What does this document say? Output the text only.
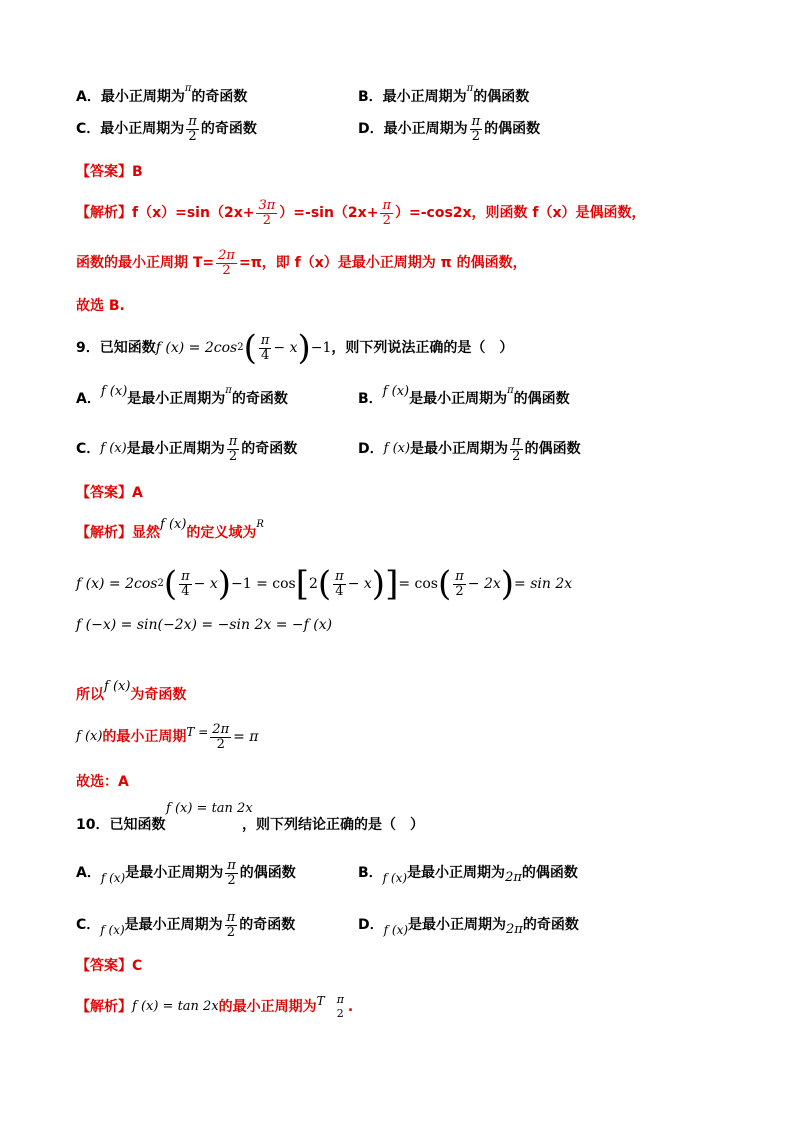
A．最小正周期为$^\pi$的奇函数	B．最小正周期为$^\pi$的偶函数
C． 最小正周期为 $\frac{\pi}{2}$ 的奇函数	D． 最小正周期为 $\frac{\pi}{2}$ 的偶函数
【答案】B
【解析】 $f(x)=\sin(2x+ \frac{3\pi}{2} )=-\sin(2x+ \frac{\pi}{2} )=-\cos 2x$，则函数 f（x）是偶函数，
函数的最小正周期 $T= \frac{2\pi}{2} =\pi$，即 f（x）是最小正周期为 π 的偶函数，
故选 B.
9．已知函数 f (x) = 2cos 2 ( $\frac{\pi}{4} - x$ ) −1 ，则下列说法正确的是（　）
A．f (x)是最小正周期为$^\pi$的奇函数	B．f (x)是最小正周期为$^\pi$的偶函数
C． f (x) 是最小正周期为 $\frac{\pi}{2}$ 的奇函数	D． f (x) 是最小正周期为 $\frac{\pi}{2}$ 的偶函数
【答案】A
【解析】显然f (x)的定义域为$^R$
f (x) = 2cos 2 ( $\frac{\pi}{4} - x$ ) −1 = cos [ 2 ( $\frac{\pi}{4} - x$ ) ] = cos ( $\frac{\pi}{2} - 2x$ ) = sin 2x
f (−x) = sin(−2x) = −sin 2x = −f (x)
所以f (x)为奇函数
f (x) 的最小正周期 $T = \frac{2\pi}{2} = \pi$
故选：A
10．已知函数
f (x) = tan 2x
，则下列结论正确的是（　）
A． f (x) 是最小正周期为 $\frac{\pi}{2}$ 的偶函数	B． f (x) 是最小正周期为 2π 的偶函数
C． f (x) 是最小正周期为 $\frac{\pi}{2}$ 的奇函数	D． f (x) 是最小正周期为 2π 的奇函数
【答案】C
【解析】 f (x) = tan 2x 的最小正周期为 T π
2 .
